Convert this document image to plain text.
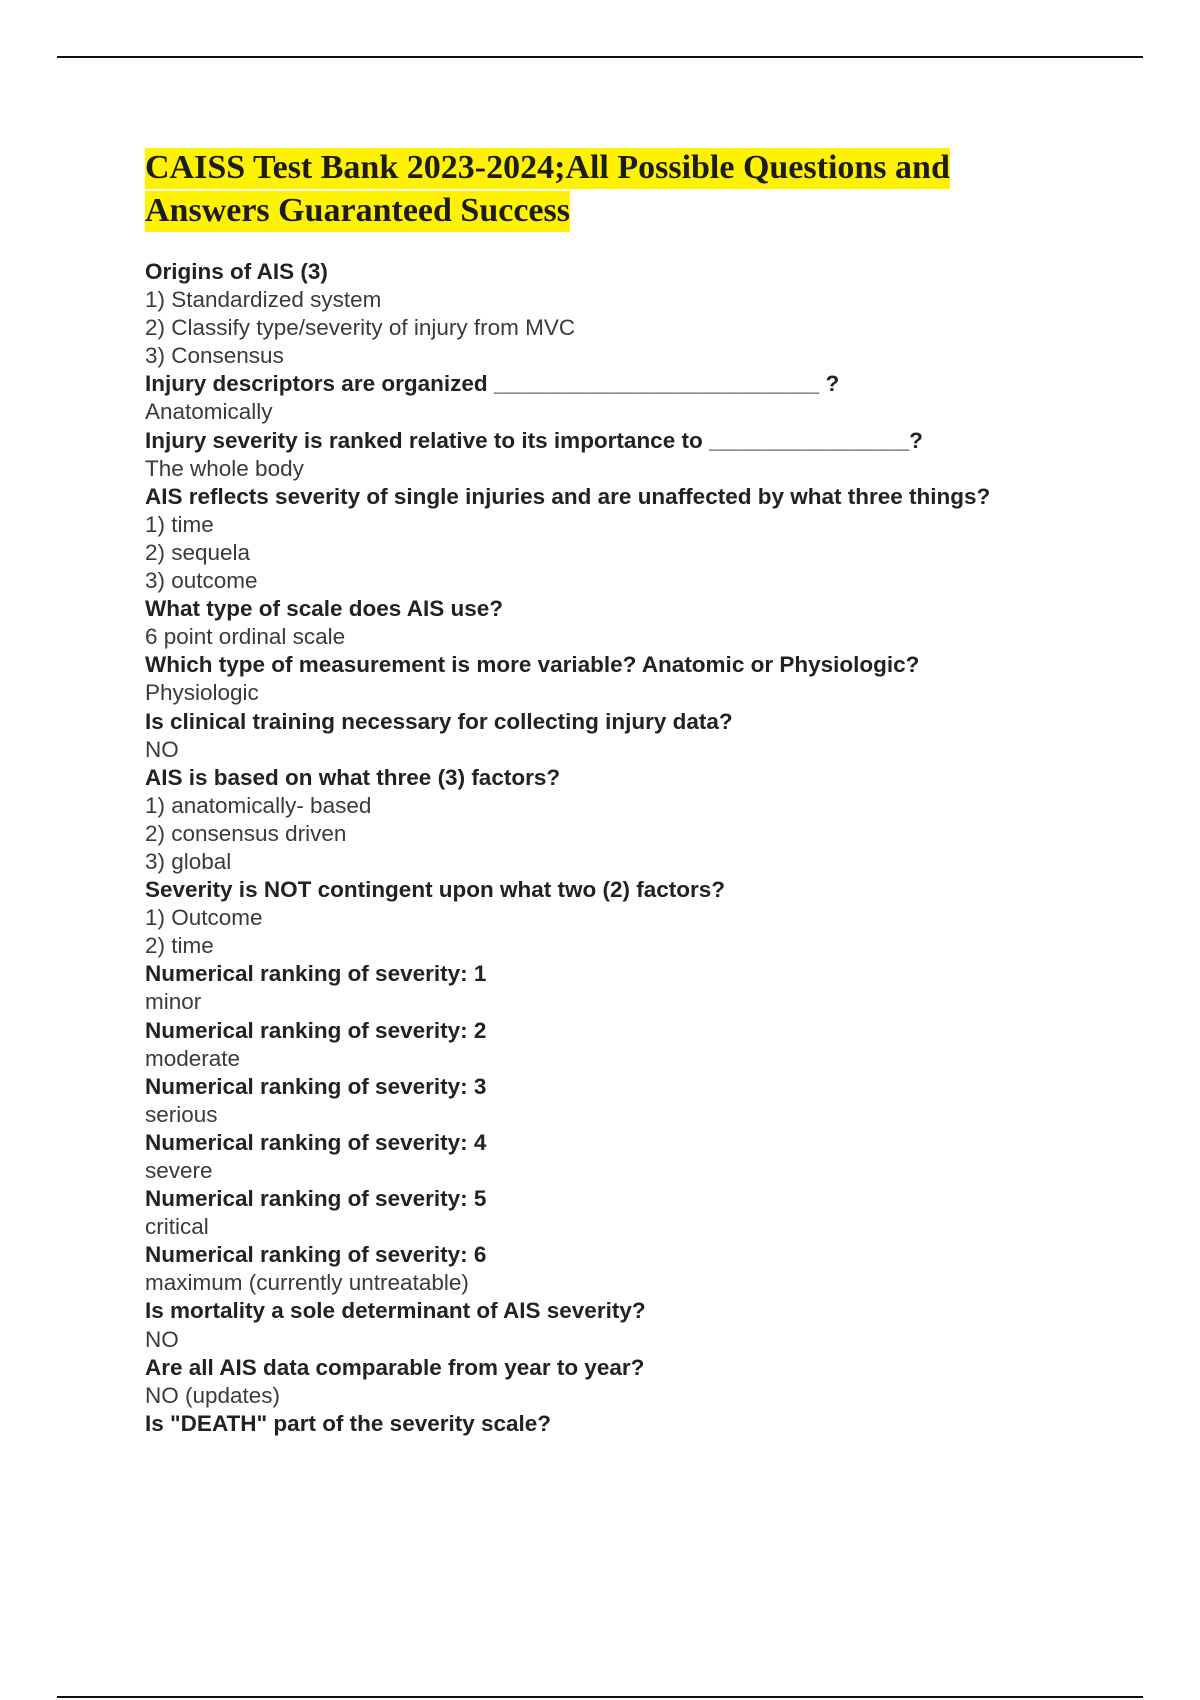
CAISS Test Bank 2023-2024;All Possible Questions and
Answers Guaranteed Success

Origins of AIS (3)

1) Standardized system

2) Classify type/severity of injury from MVC

3) Consensus

Injury descriptors are organized __________________________ ?

Anatomically

Injury severity is ranked relative to its importance to ________________?

The whole body

AIS reflects severity of single injuries and are unaffected by what three things?

1) time

2) sequela

3) outcome

What type of scale does AIS use?

6 point ordinal scale

Which type of measurement is more variable? Anatomic or Physiologic?

Physiologic

Is clinical training necessary for collecting injury data?

NO

AIS is based on what three (3) factors?

1) anatomically- based

2) consensus driven

3) global

Severity is NOT contingent upon what two (2) factors?

1) Outcome

2) time

Numerical ranking of severity: 1

minor

Numerical ranking of severity: 2

moderate

Numerical ranking of severity: 3

serious

Numerical ranking of severity: 4

severe

Numerical ranking of severity: 5

critical

Numerical ranking of severity: 6

maximum (currently untreatable)

Is mortality a sole determinant of AIS severity?

NO

Are all AIS data comparable from year to year?

NO (updates)

Is "DEATH" part of the severity scale?
